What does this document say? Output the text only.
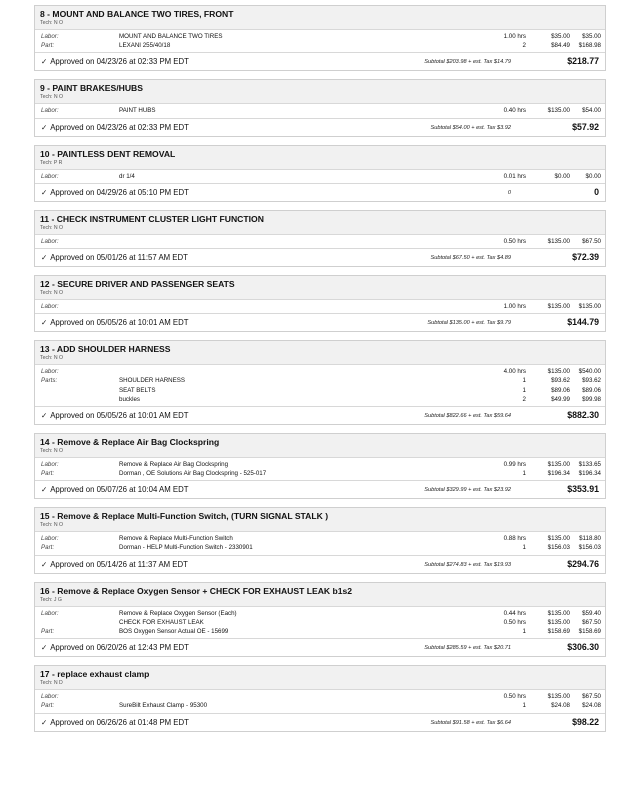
8 - MOUNT AND BALANCE TWO TIRES, FRONT
Tech: N O
Labor:	MOUNT AND BALANCE TWO TIRES	1.00 hrs	$35.00 $35.00
Part:	LEXANI 255/40/18	2	$84.49 $168.98
✓ Approved on 04/23/26 at 02:33 PM EDT	Subtotal $203.98 + est. Tax $14.79	$218.77
9 - PAINT BRAKES/HUBS
Tech: N O
Labor:	PAINT HUBS	0.40 hrs	$135.00 $54.00
✓ Approved on 04/23/26 at 02:33 PM EDT	Subtotal $54.00 + est. Tax $3.92	$57.92
10 - PAINTLESS DENT REMOVAL
Tech: P R
Labor:	dr 1/4	0.01 hrs	$0.00	$0.00
✓ Approved on 04/29/26 at 05:10 PM EDT	0	0
11 - CHECK INSTRUMENT CLUSTER LIGHT FUNCTION
Tech: N O
Labor:	0.50 hrs	$135.00 $67.50
✓ Approved on 05/01/26 at 11:57 AM EDT	Subtotal $67.50 + est. Tax $4.89	$72.39
12 - SECURE DRIVER AND PASSENGER SEATS
Tech: N O
Labor:	1.00 hrs	$135.00 $135.00
✓ Approved on 05/05/26 at 10:01 AM EDT	Subtotal $135.00 + est. Tax $9.79	$144.79
13 - ADD SHOULDER HARNESS
Tech: N O
Labor:	4.00 hrs	$135.00 $540.00
Parts:	SHOULDER HARNESS	1	$93.62 $93.62
SEAT BELTS	1	$89.06 $89.06
buckles	2	$49.99 $99.98
✓ Approved on 05/05/26 at 10:01 AM EDT	Subtotal $822.66 + est. Tax $59.64	$882.30
14 - Remove & Replace Air Bag Clockspring
Tech: N O
Labor:	Remove & Replace Air Bag Clockspring	0.99 hrs	$135.00 $133.65
Part:	Dorman , OE Solutions Air Bag Clockspring - 525-017	1	$196.34 $196.34
✓ Approved on 05/07/26 at 10:04 AM EDT	Subtotal $329.99 + est. Tax $23.92	$353.91
15 - Remove & Replace Multi-Function Switch, (TURN SIGNAL STALK )
Tech: N O
Labor:	Remove & Replace Multi-Function Switch	0.88 hrs	$135.00 $118.80
Part:	Dorman - HELP Multi-Function Switch - 2330901	1	$156.03 $156.03
✓ Approved on 05/14/26 at 11:37 AM EDT	Subtotal $274.83 + est. Tax $19.93	$294.76
16 - Remove & Replace Oxygen Sensor + CHECK FOR EXHAUST LEAK b1s2
Tech: J G
Labor:	Remove & Replace Oxygen Sensor (Each)	0.44 hrs	$135.00 $59.40
CHECK FOR EXHAUST LEAK	0.50 hrs	$135.00 $67.50
Part:	BOS Oxygen Sensor Actual OE - 15699	1	$158.69 $158.69
✓ Approved on 06/20/26 at 12:43 PM EDT	Subtotal $285.59 + est. Tax $20.71	$306.30
17 - replace exhaust clamp
Tech: N D
Labor:	0.50 hrs	$135.00 $67.50
Part:	SureBilt Exhaust Clamp - 95300	1	$24.08 $24.08
✓ Approved on 06/26/26 at 01:48 PM EDT	Subtotal $91.58 + est. Tax $6.64	$98.22
